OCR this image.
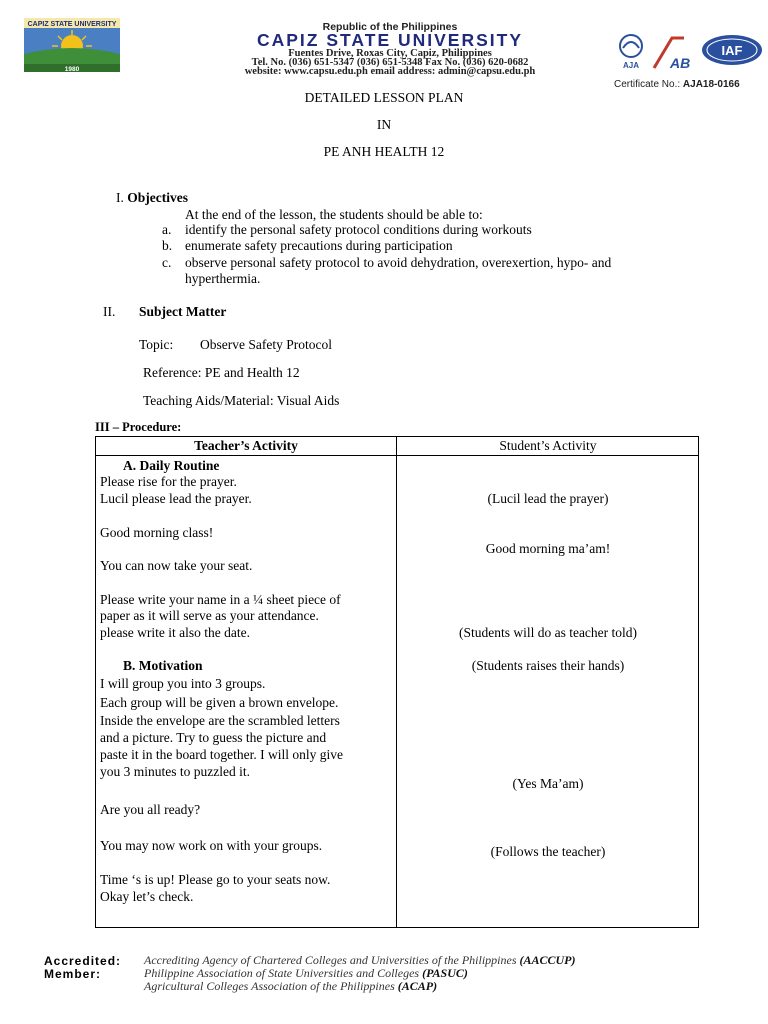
CAPIZ STATE UNIVERSITY
1980
Republic of the Philippines
CAPIZ STATE UNIVERSITY
Fuentes Drive, Roxas City, Capiz, Philippines
Tel. No. (036) 651-5347 (036) 651-5348 Fax No. (036) 620-0682
website: www.capsu.edu.ph email address: admin@capsu.edu.ph
AJA AB
IAF
Certificate No.: AJA18-0166
DETAILED LESSON PLAN
IN
PE ANH HEALTH 12
I. Objectives
At the end of the lesson, the students should be able to:
a. identify the personal safety protocol conditions during workouts
b. enumerate safety precautions during participation
c. observe personal safety protocol to avoid dehydration, overexertion, hypo- and
hyperthermia.
II. Subject Matter
Topic: Observe Safety Protocol
Reference: PE and Health 12
Teaching Aids/Material: Visual Aids
III – Procedure:
Teacher’s Activity	Student’s Activity
A. Daily Routine
Please rise for the prayer.
Lucil please lead the prayer.
Good morning class!
You can now take your seat.
Please write your name in a ¼ sheet piece of
paper as it will serve as your attendance.
please write it also the date.
B. Motivation
I will group you into 3 groups.
Each group will be given a brown envelope.
Inside the envelope are the scrambled letters
and a picture. Try to guess the picture and
paste it in the board together. I will only give
you 3 minutes to puzzled it.
Are you all ready?
You may now work on with your groups.
Time ‘s is up! Please go to your seats now.
Okay let’s check.
(Lucil lead the prayer)
Good morning ma’am!
(Students will do as teacher told)
(Students raises their hands)
(Yes Ma’am)
(Follows the teacher)
Accredited:
Member:
Accrediting Agency of Chartered Colleges and Universities of the Philippines (AACCUP)
Philippine Association of State Universities and Colleges (PASUC)
Agricultural Colleges Association of the Philippines (ACAP)
